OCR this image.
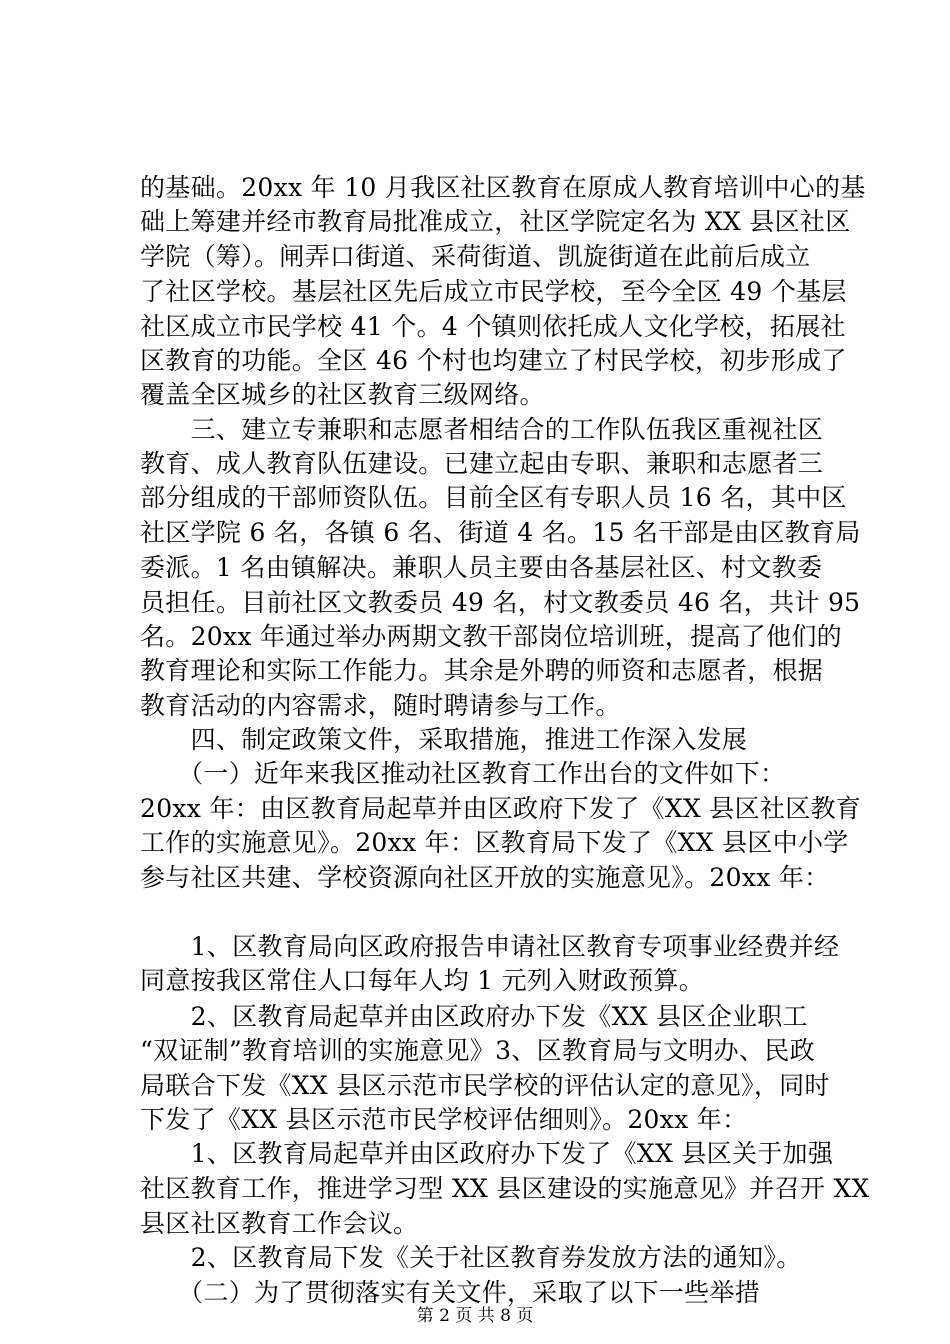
的基础。20xx 年 10 月我区社区教育在原成人教育培训中心的基
础上筹建并经市教育局批准成立，社区学院定名为 XX 县区社区
学院（筹）。闸弄口街道、采荷街道、凯旋街道在此前后成立
了社区学校。基层社区先后成立市民学校，至今全区 49 个基层
社区成立市民学校 41 个。4 个镇则依托成人文化学校，拓展社
区教育的功能。全区 46 个村也均建立了村民学校，初步形成了
覆盖全区城乡的社区教育三级网络。
　　三、建立专兼职和志愿者相结合的工作队伍我区重视社区
教育、成人教育队伍建设。已建立起由专职、兼职和志愿者三
部分组成的干部师资队伍。目前全区有专职人员 16 名，其中区
社区学院 6 名，各镇 6 名、街道 4 名。15 名干部是由区教育局
委派。1 名由镇解决。兼职人员主要由各基层社区、村文教委
员担任。目前社区文教委员 49 名，村文教委员 46 名，共计 95
名。20xx 年通过举办两期文教干部岗位培训班，提高了他们的
教育理论和实际工作能力。其余是外聘的师资和志愿者，根据
教育活动的内容需求，随时聘请参与工作。
　　四、制定政策文件，采取措施，推进工作深入发展
　　（一）近年来我区推动社区教育工作出台的文件如下：
20xx 年：由区教育局起草并由区政府下发了《XX 县区社区教育
工作的实施意见》。20xx 年：区教育局下发了《XX 县区中小学
参与社区共建、学校资源向社区开放的实施意见》。20xx 年：
　　1、区教育局向区政府报告申请社区教育专项事业经费并经
同意按我区常住人口每年人均 1 元列入财政预算。
　　2、区教育局起草并由区政府办下发《XX 县区企业职工
“双证制”教育培训的实施意见》3、区教育局与文明办、民政
局联合下发《XX 县区示范市民学校的评估认定的意见》，同时
下发了《XX 县区示范市民学校评估细则》。20xx 年：
　　1、区教育局起草并由区政府办下发了《XX 县区关于加强
社区教育工作，推进学习型 XX 县区建设的实施意见》并召开 XX
县区社区教育工作会议。
　　2、区教育局下发《关于社区教育券发放方法的通知》。
　　（二）为了贯彻落实有关文件，采取了以下一些举措
第 2 页 共 8 页
